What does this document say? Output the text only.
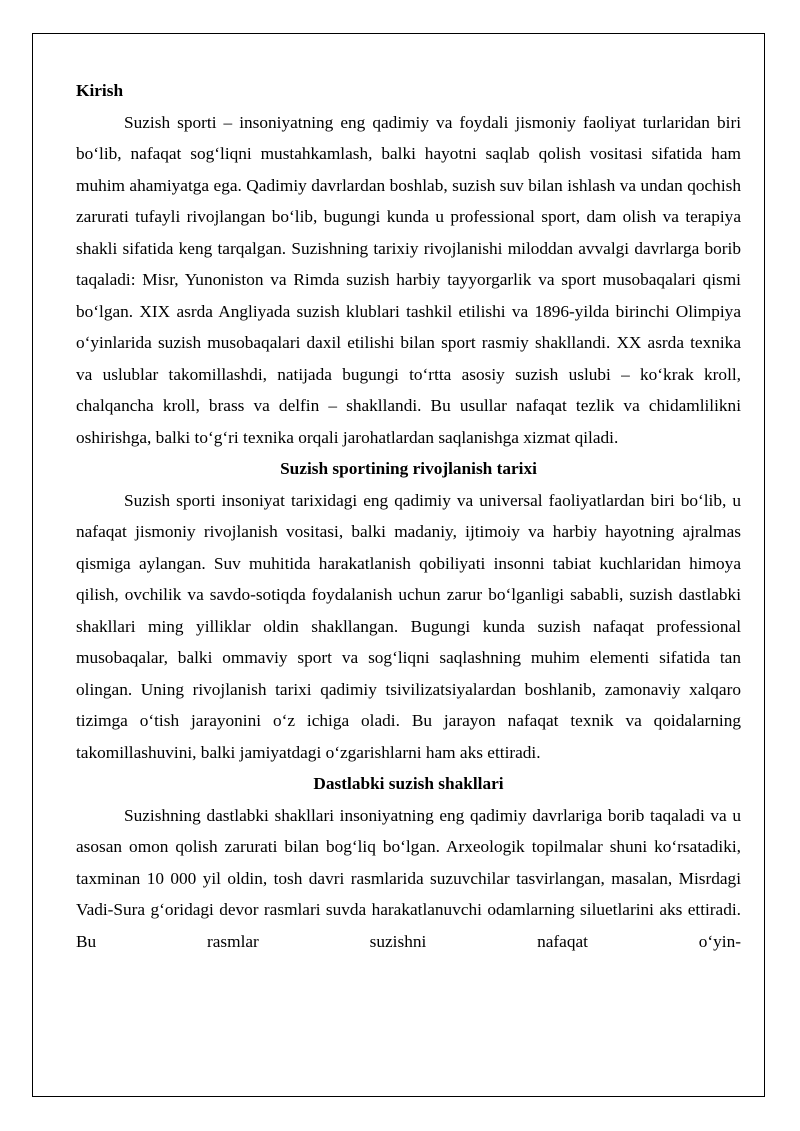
Kirish

Suzish sporti – insoniyatning eng qadimiy va foydali jismoniy faoliyat turlaridan biri bo‘lib, nafaqat sog‘liqni mustahkamlash, balki hayotni saqlab qolish vositasi sifatida ham muhim ahamiyatga ega. Qadimiy davrlardan boshlab, suzish suv bilan ishlash va undan qochish zarurati tufayli rivojlangan bo‘lib, bugungi kunda u professional sport, dam olish va terapiya shakli sifatida keng tarqalgan. Suzishning tarixiy rivojlanishi miloddan avvalgi davrlarga borib taqaladi: Misr, Yunoniston va Rimda suzish harbiy tayyorgarlik va sport musobaqalari qismi bo‘lgan. XIX asrda Angliyada suzish klublari tashkil etilishi va 1896-yilda birinchi Olimpiya o‘yinlarida suzish musobaqalari daxil etilishi bilan sport rasmiy shakllandi. XX asrda texnika va uslublar takomillashdi, natijada bugungi to‘rtta asosiy suzish uslubi – ko‘krak kroll, chalqancha kroll, brass va delfin – shakllandi. Bu usullar nafaqat tezlik va chidamlilikni oshirishga, balki to‘g‘ri texnika orqali jarohatlardan saqlanishga xizmat qiladi.

Suzish sportining rivojlanish tarixi

Suzish sporti insoniyat tarixidagi eng qadimiy va universal faoliyatlardan biri bo‘lib, u nafaqat jismoniy rivojlanish vositasi, balki madaniy, ijtimoiy va harbiy hayotning ajralmas qismiga aylangan. Suv muhitida harakatlanish qobiliyati insonni tabiat kuchlaridan himoya qilish, ovchilik va savdo-sotiqda foydalanish uchun zarur bo‘lganligi sababli, suzish dastlabki shakllari ming yilliklar oldin shakllangan. Bugungi kunda suzish nafaqat professional musobaqalar, balki ommaviy sport va sog‘liqni saqlashning muhim elementi sifatida tan olingan. Uning rivojlanish tarixi qadimiy tsivilizatsiyalardan boshlanib, zamonaviy xalqaro tizimga o‘tish jarayonini o‘z ichiga oladi. Bu jarayon nafaqat texnik va qoidalarning takomillashuvini, balki jamiyatdagi o‘zgarishlarni ham aks ettiradi.

Dastlabki suzish shakllari

Suzishning dastlabki shakllari insoniyatning eng qadimiy davrlariga borib taqaladi va u asosan omon qolish zarurati bilan bog‘liq bo‘lgan. Arxeologik topilmalar shuni ko‘rsatadiki, taxminan 10 000 yil oldin, tosh davri rasmlarida suzuvchilar tasvirlangan, masalan, Misrdagi Vadi-Sura g‘oridagi devor rasmlari suvda harakatlanuvchi odamlarning siluetlarini aks ettiradi. Bu rasmlar suzishni nafaqat o‘yin-
